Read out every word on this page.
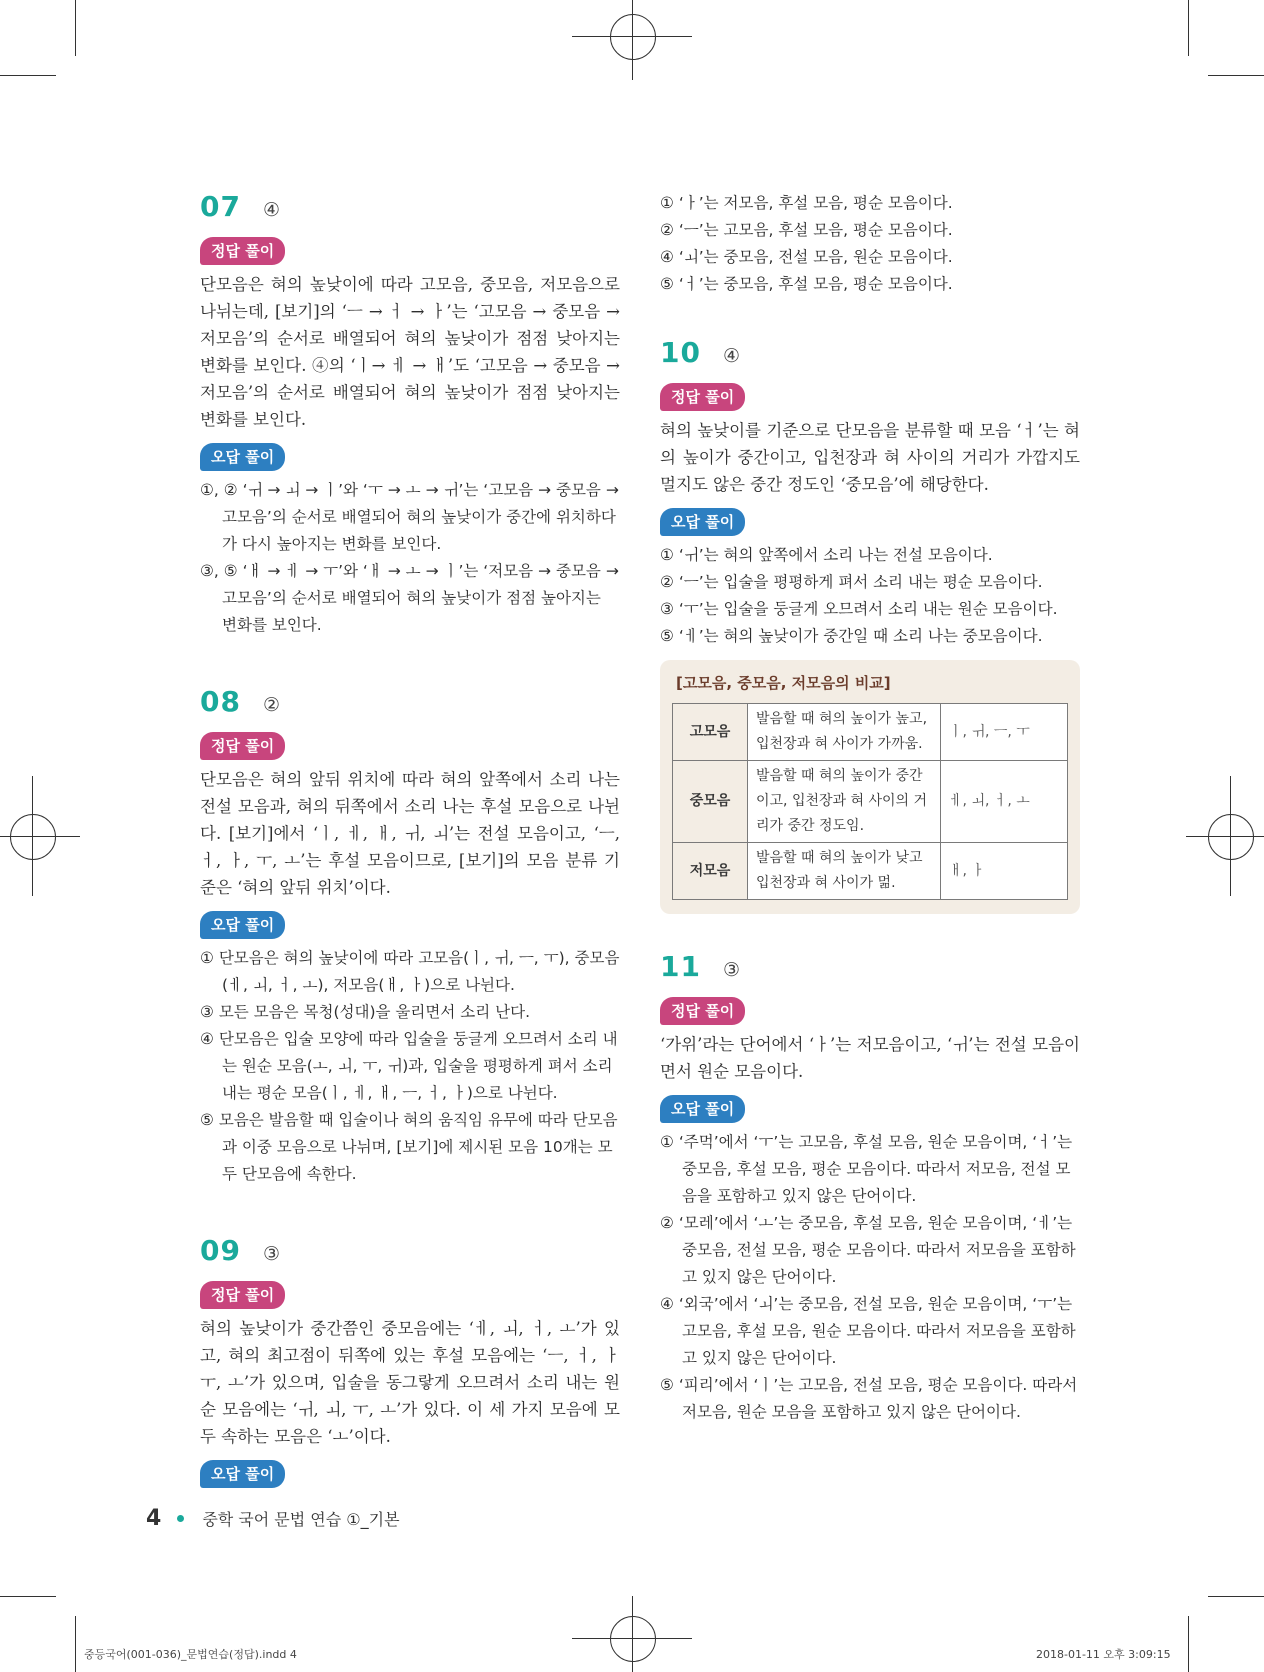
07 ④
정답 풀이

단모음은 혀의 높낮이에 따라 고모음, 중모음, 저모음으로 나뉘는데, [보기]의 ‘ㅡ → ㅓ → ㅏ’는 ‘고모음 → 중모음 → 저모음’의 순서로 배열되어 혀의 높낮이가 점점 낮아지는 변화를 보인다. ④의 ‘ㅣ→ ㅔ → ㅐ’도 ‘고모음 → 중모음 → 저모음’의 순서로 배열되어 혀의 높낮이가 점점 낮아지는 변화를 보인다.

오답 풀이
①, ② ‘ㅟ → ㅚ → ㅣ’와 ‘ㅜ → ㅗ → ㅟ’는 ‘고모음 → 중모음 → 고모음’의 순서로 배열되어 혀의 높낮이가 중간에 위치하다가 다시 높아지는 변화를 보인다.
③, ⑤ ‘ㅐ → ㅔ → ㅜ’와 ‘ㅐ → ㅗ → ㅣ’는 ‘저모음 → 중모음 → 고모음’의 순서로 배열되어 혀의 높낮이가 점점 높아지는 변화를 보인다.
08 ②
정답 풀이

단모음은 혀의 앞뒤 위치에 따라 혀의 앞쪽에서 소리 나는 전설 모음과, 혀의 뒤쪽에서 소리 나는 후설 모음으로 나뉜다. [보기]에서 ‘ㅣ, ㅔ, ㅐ, ㅟ, ㅚ’는 전설 모음이고, ‘ㅡ, ㅓ, ㅏ, ㅜ, ㅗ’는 후설 모음이므로, [보기]의 모음 분류 기준은 ‘혀의 앞뒤 위치’이다.

오답 풀이
① 단모음은 혀의 높낮이에 따라 고모음(ㅣ, ㅟ, ㅡ, ㅜ), 중모음(ㅔ, ㅚ, ㅓ, ㅗ), 저모음(ㅐ, ㅏ)으로 나뉜다.
③ 모든 모음은 목청(성대)을 울리면서 소리 난다.
④ 단모음은 입술 모양에 따라 입술을 둥글게 오므려서 소리 내는 원순 모음(ㅗ, ㅚ, ㅜ, ㅟ)과, 입술을 평평하게 펴서 소리 내는 평순 모음(ㅣ, ㅔ, ㅐ, ㅡ, ㅓ, ㅏ)으로 나뉜다.
⑤ 모음은 발음할 때 입술이나 혀의 움직임 유무에 따라 단모음과 이중 모음으로 나뉘며, [보기]에 제시된 모음 10개는 모두 단모음에 속한다.
09 ③
정답 풀이

혀의 높낮이가 중간쯤인 중모음에는 ‘ㅔ, ㅚ, ㅓ, ㅗ’가 있고, 혀의 최고점이 뒤쪽에 있는 후설 모음에는 ‘ㅡ, ㅓ, ㅏ ㅜ, ㅗ’가 있으며, 입술을 동그랗게 오므려서 소리 내는 원순 모음에는 ‘ㅟ, ㅚ, ㅜ, ㅗ’가 있다. 이 세 가지 모음에 모두 속하는 모음은 ‘ㅗ’이다.

오답 풀이
① ‘ㅏ’는 저모음, 후설 모음, 평순 모음이다.
② ‘ㅡ’는 고모음, 후설 모음, 평순 모음이다.
④ ‘ㅚ’는 중모음, 전설 모음, 원순 모음이다.
⑤ ‘ㅓ’는 중모음, 후설 모음, 평순 모음이다.
10 ④
정답 풀이

혀의 높낮이를 기준으로 단모음을 분류할 때 모음 ‘ㅓ’는 혀의 높이가 중간이고, 입천장과 혀 사이의 거리가 가깝지도 멀지도 않은 중간 정도인 ‘중모음’에 해당한다.

오답 풀이
① ‘ㅟ’는 혀의 앞쪽에서 소리 나는 전설 모음이다.
② ‘ㅡ’는 입술을 평평하게 펴서 소리 내는 평순 모음이다.
③ ‘ㅜ’는 입술을 둥글게 오므려서 소리 내는 원순 모음이다.
⑤ ‘ㅔ’는 혀의 높낮이가 중간일 때 소리 나는 중모음이다.
[고모음, 중모음, 저모음의 비교]
고모음	발음할 때 혀의 높이가 높고, 입천장과 혀 사이가 가까움.	ㅣ, ㅟ, ㅡ, ㅜ
중모음	발음할 때 혀의 높이가 중간이고, 입천장과 혀 사이의 거리가 중간 정도임.	ㅔ, ㅚ, ㅓ, ㅗ
저모음	발음할 때 혀의 높이가 낮고 입천장과 혀 사이가 멂.	ㅐ, ㅏ
11 ③
정답 풀이

‘가위’라는 단어에서 ‘ㅏ’는 저모음이고, ‘ㅟ’는 전설 모음이면서 원순 모음이다.

오답 풀이
① ‘주먹’에서 ‘ㅜ’는 고모음, 후설 모음, 원순 모음이며, ‘ㅓ’는 중모음, 후설 모음, 평순 모음이다. 따라서 저모음, 전설 모음을 포함하고 있지 않은 단어이다.
② ‘모레’에서 ‘ㅗ’는 중모음, 후설 모음, 원순 모음이며, ‘ㅔ’는 중모음, 전설 모음, 평순 모음이다. 따라서 저모음을 포함하고 있지 않은 단어이다.
④ ‘외국’에서 ‘ㅚ’는 중모음, 전설 모음, 원순 모음이며, ‘ㅜ’는 고모음, 후설 모음, 원순 모음이다. 따라서 저모음을 포함하고 있지 않은 단어이다.
⑤ ‘피리’에서 ‘ㅣ’는 고모음, 전설 모음, 평순 모음이다. 따라서 저모음, 원순 모음을 포함하고 있지 않은 단어이다.
4	중학 국어 문법 연습 ①_기본
중등국어(001-036)_문법연습(정답).indd 4	2018-01-11 오후 3:09:15
